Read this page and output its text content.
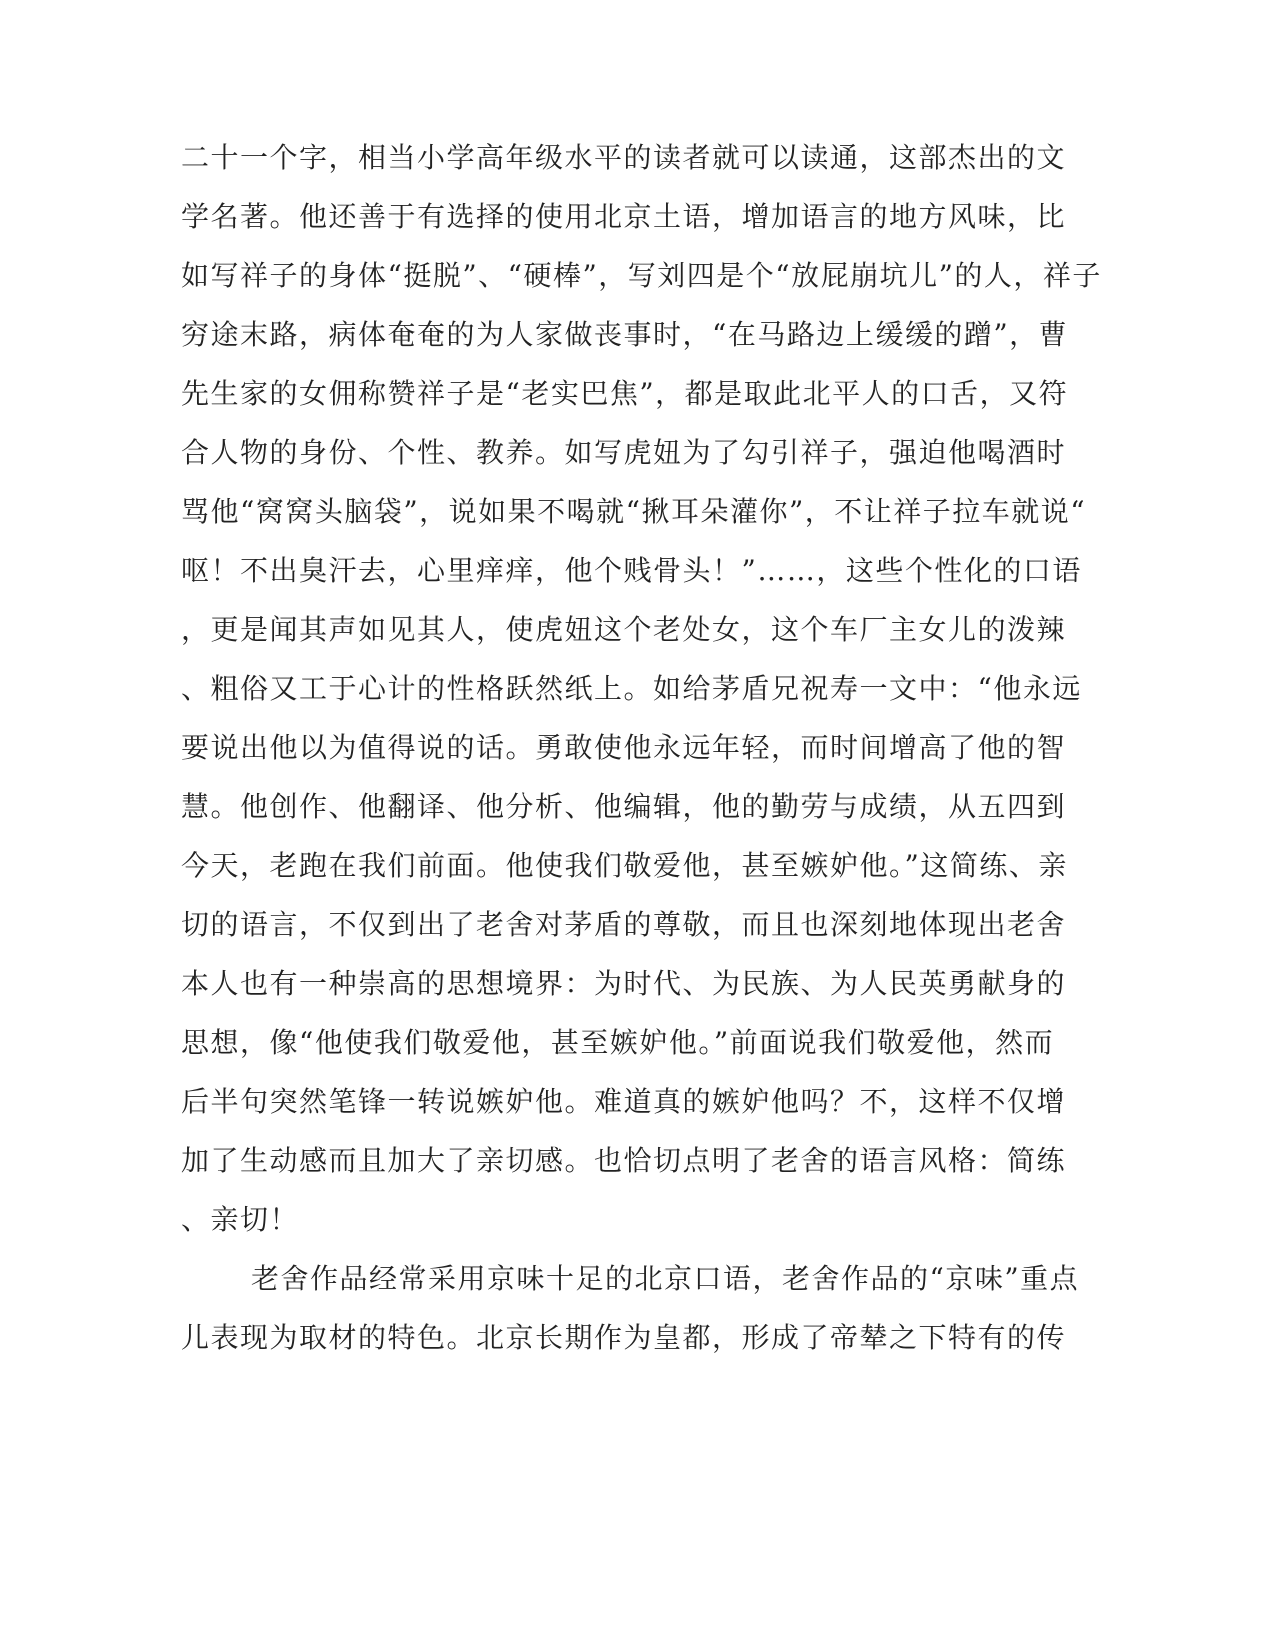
二十一个字，相当小学高年级水平的读者就可以读通，这部杰出的文
学名著。他还善于有选择的使用北京土语，增加语言的地方风味，比
如写祥子的身体“挺脱”、“硬棒”，写刘四是个“放屁崩坑儿”的人，祥子
穷途末路，病体奄奄的为人家做丧事时，“在马路边上缓缓的蹭”，曹
先生家的女佣称赞祥子是“老实巴焦”，都是取此北平人的口舌，又符
合人物的身份、个性、教养。如写虎妞为了勾引祥子，强迫他喝酒时
骂他“窝窝头脑袋”，说如果不喝就“揪耳朵灌你”，不让祥子拉车就说“
呕！不出臭汗去，心里痒痒，他个贱骨头！”……，这些个性化的口语
，更是闻其声如见其人，使虎妞这个老处女，这个车厂主女儿的泼辣
、粗俗又工于心计的性格跃然纸上。如给茅盾兄祝寿一文中：“他永远
要说出他以为值得说的话。勇敢使他永远年轻，而时间增高了他的智
慧。他创作、他翻译、他分析、他编辑，他的勤劳与成绩，从五四到
今天，老跑在我们前面。他使我们敬爱他，甚至嫉妒他。”这简练、亲
切的语言，不仅到出了老舍对茅盾的尊敬，而且也深刻地体现出老舍
本人也有一种崇高的思想境界：为时代、为民族、为人民英勇献身的
思想，像“他使我们敬爱他，甚至嫉妒他。”前面说我们敬爱他，然而
后半句突然笔锋一转说嫉妒他。难道真的嫉妒他吗？不，这样不仅增
加了生动感而且加大了亲切感。也恰切点明了老舍的语言风格：简练
、亲切！
老舍作品经常采用京味十足的北京口语，老舍作品的“京味”重点
儿表现为取材的特色。北京长期作为皇都，形成了帝辇之下特有的传
